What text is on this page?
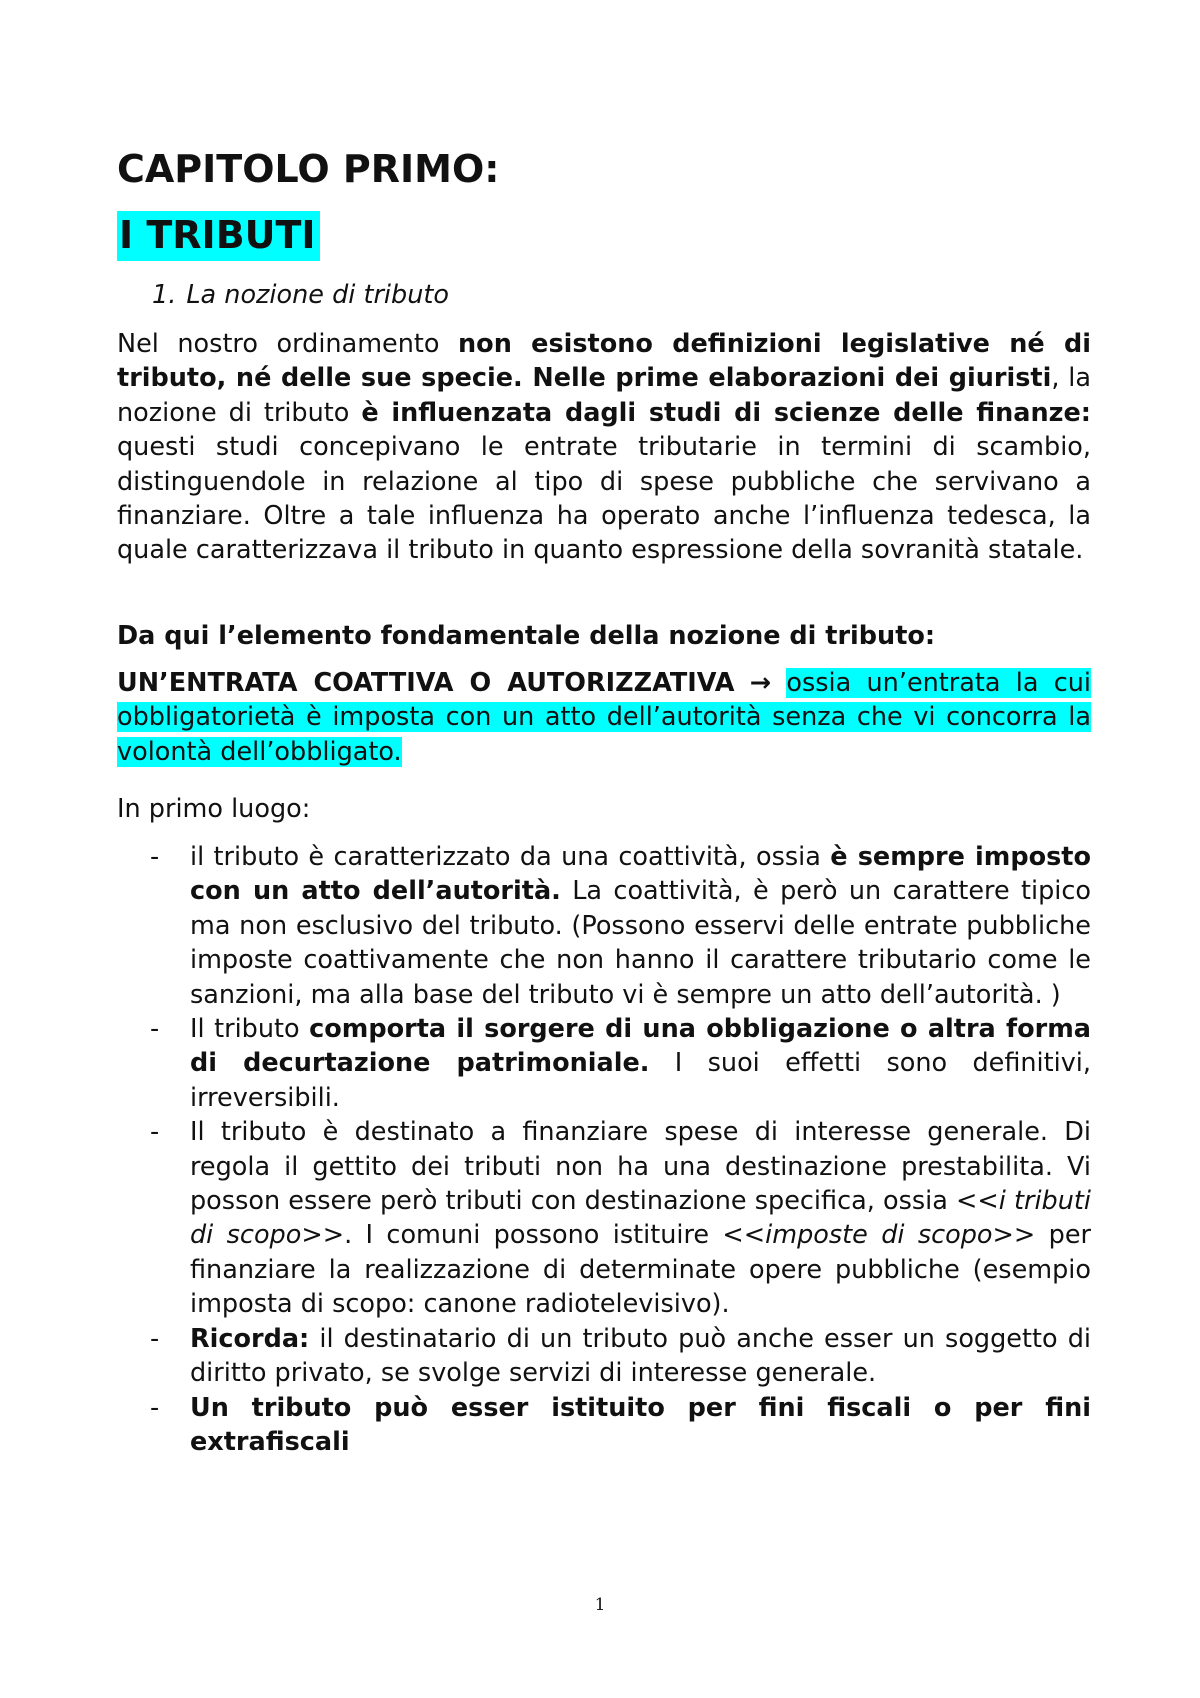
CAPITOLO PRIMO:
I TRIBUTI
1. La nozione di tributo
Nel nostro ordinamento non esistono definizioni legislative né di tributo, né delle sue specie. Nelle prime elaborazioni dei giuristi, la nozione di tributo è influenzata dagli studi di scienze delle finanze: questi studi concepivano le entrate tributarie in termini di scambio, distinguendole in relazione al tipo di spese pubbliche che servivano a finanziare. Oltre a tale influenza ha operato anche l’influenza tedesca, la quale caratterizzava il tributo in quanto espressione della sovranità statale.
Da qui l’elemento fondamentale della nozione di tributo:
UN’ENTRATA COATTIVA O AUTORIZZATIVA → ossia un’entrata la cui obbligatorietà è imposta con un atto dell’autorità senza che vi concorra la volontà dell’obbligato.
In primo luogo:
- il tributo è caratterizzato da una coattività, ossia è sempre imposto con un atto dell’autorità. La coattività, è però un carattere tipico ma non esclusivo del tributo. (Possono esservi delle entrate pubbliche imposte coattivamente che non hanno il carattere tributario come le sanzioni, ma alla base del tributo vi è sempre un atto dell’autorità. )
- Il tributo comporta il sorgere di una obbligazione o altra forma di decurtazione patrimoniale. I suoi effetti sono definitivi, irreversibili.
- Il tributo è destinato a finanziare spese di interesse generale. Di regola il gettito dei tributi non ha una destinazione prestabilita. Vi posson essere però tributi con destinazione specifica, ossia <<i tributi di scopo>>. I comuni possono istituire <<imposte di scopo>> per finanziare la realizzazione di determinate opere pubbliche (esempio imposta di scopo: canone radiotelevisivo).
- Ricorda: il destinatario di un tributo può anche esser un soggetto di diritto privato, se svolge servizi di interesse generale.
- Un tributo può esser istituito per fini fiscali o per fini extrafiscali
1
